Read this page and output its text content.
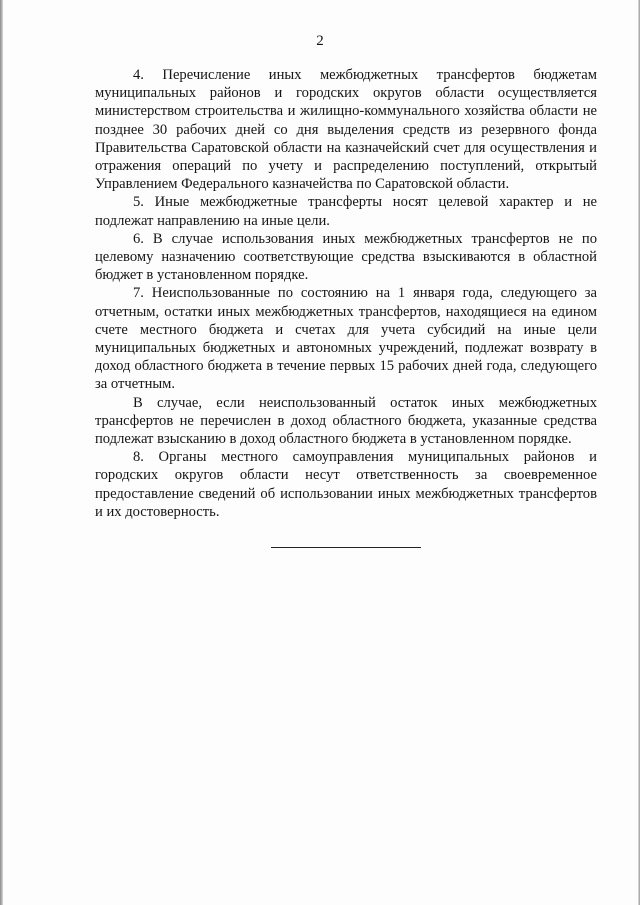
2

4. Перечисление иных межбюджетных трансфертов бюджетам муниципальных районов и городских округов области осуществляется министерством строительства и жилищно-коммунального хозяйства области не позднее 30 рабочих дней со дня выделения средств из резервного фонда Правительства Саратовской области на казначейский счет для осуществления и отражения операций по учету и распределению поступлений, открытый Управлением Федерального казначейства по Саратовской области.

5. Иные межбюджетные трансферты носят целевой характер и не подлежат направлению на иные цели.

6. В случае использования иных межбюджетных трансфертов не по целевому назначению соответствующие средства взыскиваются в областной бюджет в установленном порядке.

7. Неиспользованные по состоянию на 1 января года, следующего за отчетным, остатки иных межбюджетных трансфертов, находящиеся на едином счете местного бюджета и счетах для учета субсидий на иные цели муниципальных бюджетных и автономных учреждений, подлежат возврату в доход областного бюджета в течение первых 15 рабочих дней года, следующего за отчетным.

В случае, если неиспользованный остаток иных межбюджетных трансфертов не перечислен в доход областного бюджета, указанные средства подлежат взысканию в доход областного бюджета в установленном порядке.

8. Органы местного самоуправления муниципальных районов и городских округов области несут ответственность за своевременное предоставление сведений об использовании иных межбюджетных трансфертов и их достоверность.
